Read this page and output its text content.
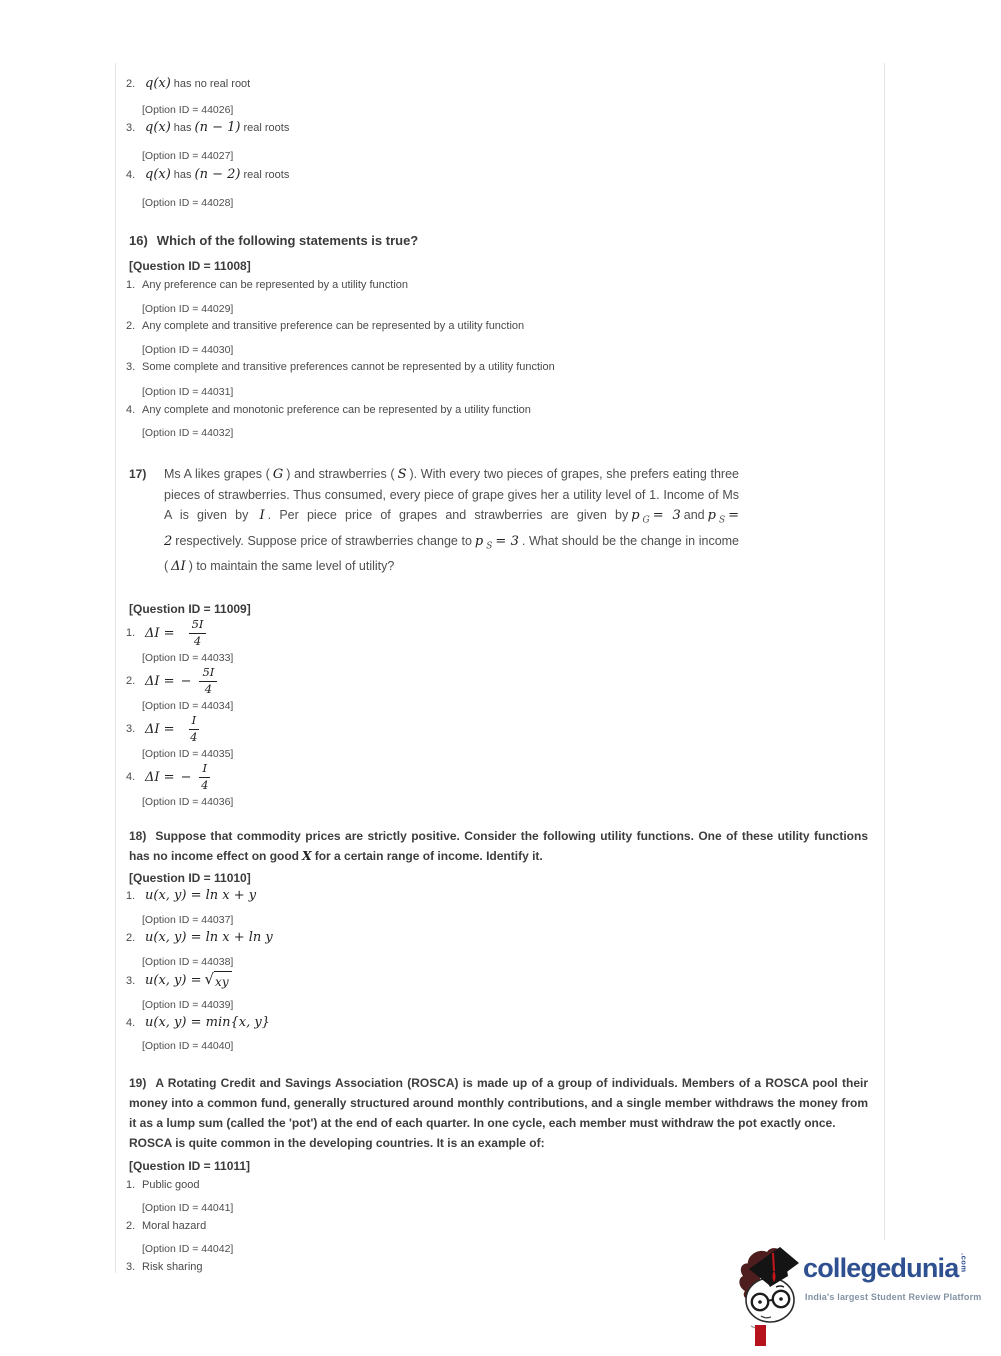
2. q(x) has no real root
[Option ID = 44026]
3. q(x) has (n − 1) real roots
[Option ID = 44027]
4. q(x) has (n − 2) real roots
[Option ID = 44028]
16) Which of the following statements is true?
[Question ID = 11008]
1. Any preference can be represented by a utility function
[Option ID = 44029]
2. Any complete and transitive preference can be represented by a utility function
[Option ID = 44030]
3. Some complete and transitive preferences cannot be represented by a utility function
[Option ID = 44031]
4. Any complete and monotonic preference can be represented by a utility function
[Option ID = 44032]
17) Ms A likes grapes ( G ) and strawberries ( S ). With every two pieces of grapes, she prefers eating three pieces of strawberries. Thus consumed, every piece of grape gives her a utility level of 1. Income of Ms A is given by I . Per piece price of grapes and strawberries are given by p $_G$ = 3 and p $_S$ = 2 respectively. Suppose price of strawberries change to p $_S$ = 3 . What should be the change in income ( ΔI ) to maintain the same level of utility?
[Question ID = 11009]
1. $\Delta I = \frac{5I}{4}$
[Option ID = 44033]
2. ΔI = − $\frac{5I}{4}$
[Option ID = 44034]
3. $\Delta I = \frac{I}{4}$
[Option ID = 44035]
4. ΔI = − $\frac{I}{4}$
[Option ID = 44036]
18) Suppose that commodity prices are strictly positive. Consider the following utility functions. One of these utility functions has no income effect on good X for a certain range of income. Identify it.
[Question ID = 11010]
1. u(x, y) = ln x + y
[Option ID = 44037]
2. u(x, y) = ln x + ln y
[Option ID = 44038]
3. u(x, y) = √ xy
[Option ID = 44039]
4. u(x, y) = min{x, y}
[Option ID = 44040]
19) A Rotating Credit and Savings Association (ROSCA) is made up of a group of individuals. Members of a ROSCA pool their money into a common fund, generally structured around monthly contributions, and a single member withdraws the money from it as a lump sum (called the 'pot') at the end of each quarter. In one cycle, each member must withdraw the pot exactly once.
ROSCA is quite common in the developing countries. It is an example of:
[Question ID = 11011]
1. Public good
[Option ID = 44041]
2. Moral hazard
[Option ID = 44042]
3. Risk sharing	collegedunia.com
India's largest Student Review Platform
